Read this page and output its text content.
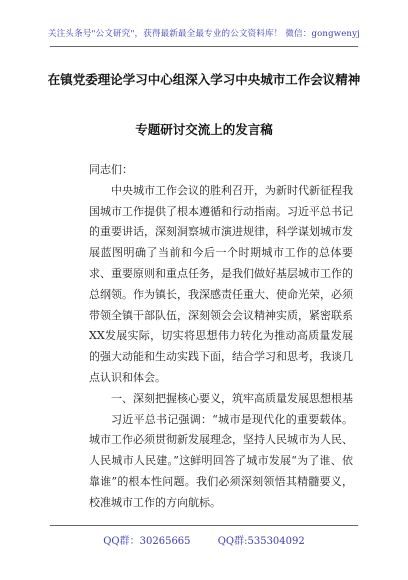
关注头条号"公文研究"，获得最新最全最专业的公文资料库！ 微信：gongwenyj
在镇党委理论学习中心组深入学习中央城市工作会议精神
专题研讨交流上的发言稿

同志们：

中央城市工作会议的胜利召开，为新时代新征程我国城市工作提供了根本遵循和行动指南。习近平总书记的重要讲话，深刻洞察城市演进规律，科学谋划城市发展蓝图明确了当前和今后一个时期城市工作的总体要求、重要原则和重点任务，是我们做好基层城市工作的总纲领。作为镇长，我深感责任重大、使命光荣，必须带领全镇干部队伍，深刻领会会议精神实质，紧密联系XX发展实际，切实将思想伟力转化为推动高质量发展的强大动能和生动实践下面，结合学习和思考，我谈几点认识和体会。

一、深刻把握核心要义，筑牢高质量发展思想根基

习近平总书记强调：“城市是现代化的重要载体。城市工作必须贯彻新发展理念，坚持人民城市为人民、人民城市人民建。”这鲜明回答了城市发展“为了谁、依靠谁”的根本性问题。我们必须深刻领悟其精髓要义，校准城市工作的方向航标。

QQ群：30265665	QQ群:535304092
